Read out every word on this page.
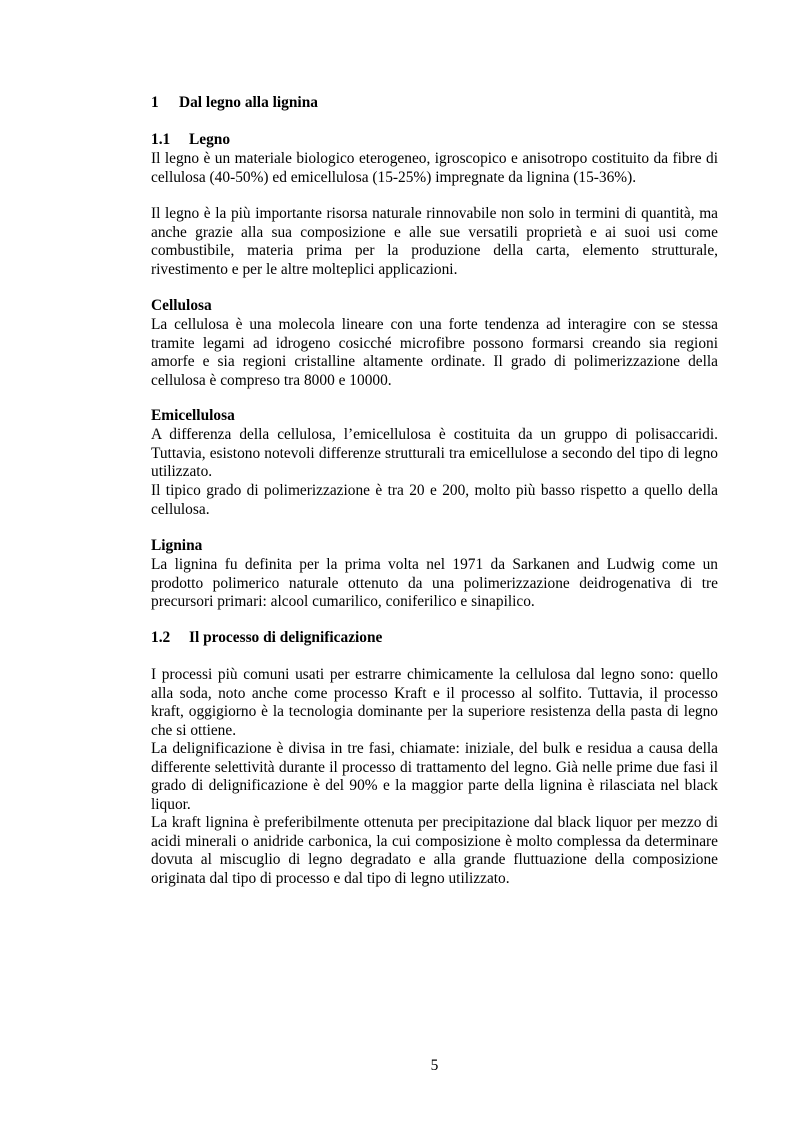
1 Dal legno alla lignina
1.1 Legno

Il legno è un materiale biologico eterogeneo, igroscopico e anisotropo costituito da fibre di cellulosa (40-50%) ed emicellulosa (15-25%) impregnate da lignina (15-36%).

Il legno è la più importante risorsa naturale rinnovabile non solo in termini di quantità, ma anche grazie alla sua composizione e alle sue versatili proprietà e ai suoi usi come combustibile, materia prima per la produzione della carta, elemento strutturale, rivestimento e per le altre molteplici applicazioni.

Cellulosa

La cellulosa è una molecola lineare con una forte tendenza ad interagire con se stessa tramite legami ad idrogeno cosicché microfibre possono formarsi creando sia regioni amorfe e sia regioni cristalline altamente ordinate. Il grado di polimerizzazione della cellulosa è compreso tra 8000 e 10000.

Emicellulosa

A differenza della cellulosa, l’emicellulosa è costituita da un gruppo di polisaccaridi. Tuttavia, esistono notevoli differenze strutturali tra emicellulose a secondo del tipo di legno utilizzato.

Il tipico grado di polimerizzazione è tra 20 e 200, molto più basso rispetto a quello della cellulosa.

Lignina

La lignina fu definita per la prima volta nel 1971 da Sarkanen and Ludwig come un prodotto polimerico naturale ottenuto da una polimerizzazione deidrogenativa di tre precursori primari: alcool cumarilico, coniferilico e sinapilico.

1.2 Il processo di delignificazione

I processi più comuni usati per estrarre chimicamente la cellulosa dal legno sono: quello alla soda, noto anche come processo Kraft e il processo al solfito. Tuttavia, il processo kraft, oggigiorno è la tecnologia dominante per la superiore resistenza della pasta di legno che si ottiene.

La delignificazione è divisa in tre fasi, chiamate: iniziale, del bulk e residua a causa della differente selettività durante il processo di trattamento del legno. Già nelle prime due fasi il grado di delignificazione è del 90% e la maggior parte della lignina è rilasciata nel black liquor.

La kraft lignina è preferibilmente ottenuta per precipitazione dal black liquor per mezzo di acidi minerali o anidride carbonica, la cui composizione è molto complessa da determinare dovuta al miscuglio di legno degradato e alla grande fluttuazione della composizione originata dal tipo di processo e dal tipo di legno utilizzato.

5
